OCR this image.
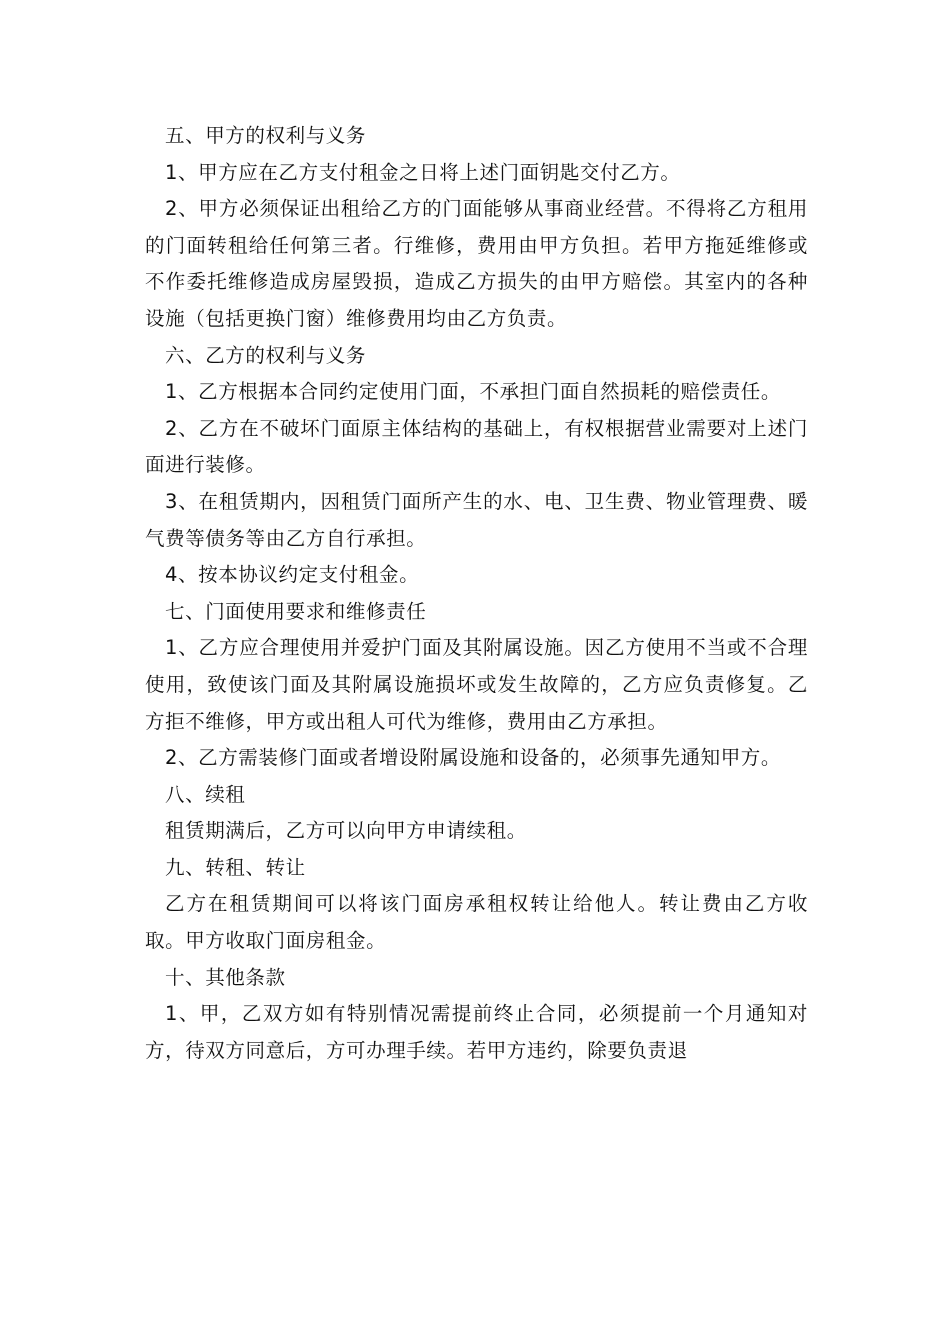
五、甲方的权利与义务

1、甲方应在乙方支付租金之日将上述门面钥匙交付乙方。

2、甲方必须保证出租给乙方的门面能够从事商业经营。不得将乙方租用的门面转租给任何第三者。行维修，费用由甲方负担。若甲方拖延维修或不作委托维修造成房屋毁损，造成乙方损失的由甲方赔偿。其室内的各种设施（包括更换门窗）维修费用均由乙方负责。

六、乙方的权利与义务

1、乙方根据本合同约定使用门面，不承担门面自然损耗的赔偿责任。

2、乙方在不破坏门面原主体结构的基础上，有权根据营业需要对上述门面进行装修。

3、在租赁期内，因租赁门面所产生的水、电、卫生费、物业管理费、暖气费等债务等由乙方自行承担。

4、按本协议约定支付租金。

七、门面使用要求和维修责任

1、乙方应合理使用并爱护门面及其附属设施。因乙方使用不当或不合理使用，致使该门面及其附属设施损坏或发生故障的，乙方应负责修复。乙方拒不维修，甲方或出租人可代为维修，费用由乙方承担。

2、乙方需装修门面或者增设附属设施和设备的，必须事先通知甲方。

八、续租

租赁期满后，乙方可以向甲方申请续租。

九、转租、转让

乙方在租赁期间可以将该门面房承租权转让给他人。转让费由乙方收取。甲方收取门面房租金。

十、其他条款

1、甲，乙双方如有特别情况需提前终止合同，必须提前一个月通知对方，待双方同意后，方可办理手续。若甲方违约，除要负责退
